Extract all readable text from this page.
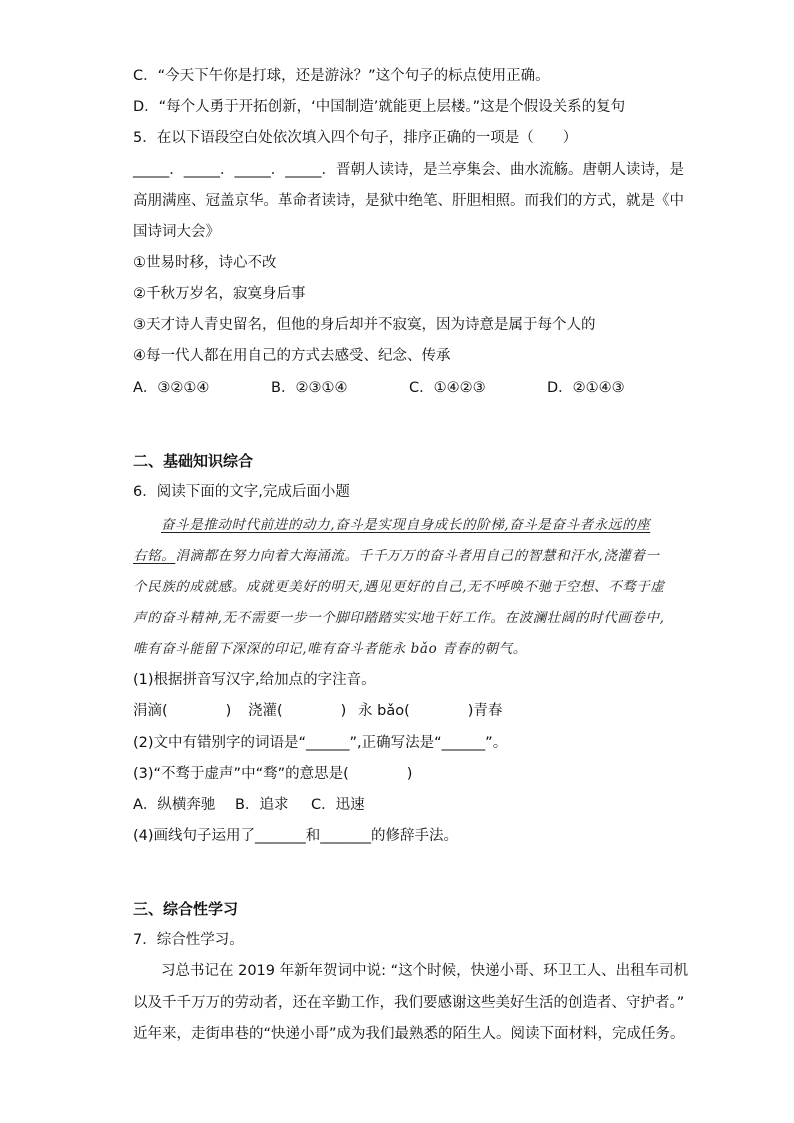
C．“今天下午你是打球，还是游泳？”这个句子的标点使用正确。
D．“每个人勇于开拓创新，‘中国制造’就能更上层楼。”这是个假设关系的复句
5．在以下语段空白处依次填入四个句子，排序正确的一项是（　　）
_____．_____．_____．_____．晋朝人读诗，是兰亭集会、曲水流觞。唐朝人读诗，是
高朋满座、冠盖京华。革命者读诗，是狱中绝笔、肝胆相照。而我们的方式，就是《中
国诗词大会》
①世易时移，诗心不改
②千秋万岁名，寂寞身后事
③天才诗人青史留名，但他的身后却并不寂寞，因为诗意是属于每个人的
④每一代人都在用自己的方式去感受、纪念、传承
A．③②①④	B．②③①④	C．①④②③	D．②①④③
二、基础知识综合
6．阅读下面的文字,完成后面小题
奋斗是推动时代前进的动力,奋斗是实现自身成长的阶梯,奋斗是奋斗者永远的座
右铭。涓滴都在努力向着大海涌流。千千万万的奋斗者用自己的智慧和汗水,浇灌着一
个民族的成就感。成就更美好的明天,遇见更好的自己,无不呼唤不驰于空想、不骛于虚
声的奋斗精神,无不需要一步一个脚印踏踏实实地干好工作。在波澜壮阔的时代画卷中,
唯有奋斗能留下深深的印记,唯有奋斗者能永 bǎo 青春的朝气。
(1)根据拼音写汉字,给加点的字注音。
涓滴(　　　　) 浇灌(　　　　) 永 bǎo(　　　　)青春
(2)文中有错别字的词语是“______”,正确写法是“______”。
(3)“不骛于虚声”中“骛”的意思是(　　　　)
A．纵横奔驰 B．追求 C．迅速
(4)画线句子运用了_______和_______的修辞手法。
三、综合性学习
7．综合性学习。
习总书记在 2019 年新年贺词中说: “这个时候，快递小哥、环卫工人、出租车司机
以及千千万万的劳动者，还在辛勤工作，我们要感谢这些美好生活的创造者、守护者。”
近年来，走街串巷的“快递小哥”成为我们最熟悉的陌生人。阅读下面材料，完成任务。
